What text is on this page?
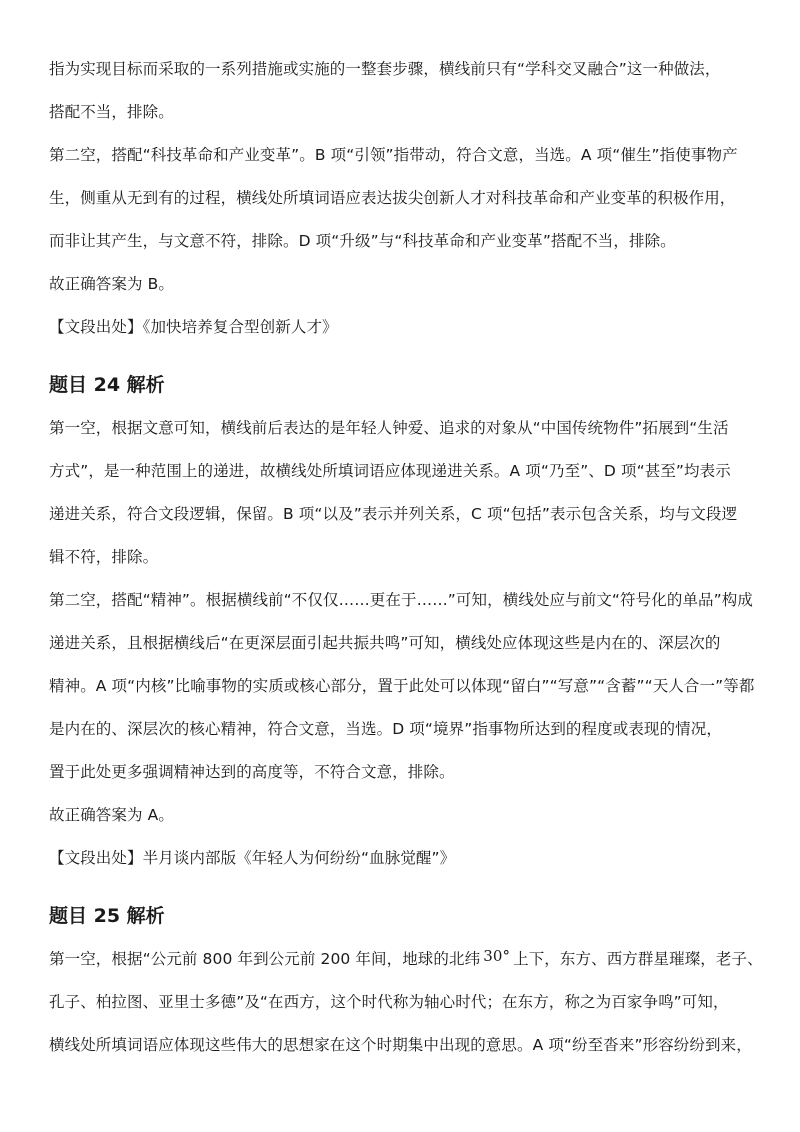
指为实现目标而采取的一系列措施或实施的一整套步骤，横线前只有“学科交叉融合”这一种做法，
搭配不当，排除。
第二空，搭配“科技革命和产业变革”。B 项“引领”指带动，符合文意，当选。A 项“催生”指使事物产
生，侧重从无到有的过程，横线处所填词语应表达拔尖创新人才对科技革命和产业变革的积极作用，
而非让其产生，与文意不符，排除。D 项“升级”与“科技革命和产业变革”搭配不当，排除。
故正确答案为 B。
【文段出处】《加快培养复合型创新人才》
题目 24 解析
第一空，根据文意可知，横线前后表达的是年轻人钟爱、追求的对象从“中国传统物件”拓展到“生活
方式”，是一种范围上的递进，故横线处所填词语应体现递进关系。A 项“乃至”、D 项“甚至”均表示
递进关系，符合文段逻辑，保留。B 项“以及”表示并列关系，C 项“包括”表示包含关系，均与文段逻
辑不符，排除。
第二空，搭配“精神”。根据横线前“不仅仅……更在于……”可知，横线处应与前文“符号化的单品”构成
递进关系，且根据横线后“在更深层面引起共振共鸣”可知，横线处应体现这些是内在的、深层次的
精神。A 项“内核”比喻事物的实质或核心部分，置于此处可以体现“留白”“写意”“含蓄”“天人合一”等都
是内在的、深层次的核心精神，符合文意，当选。D 项“境界”指事物所达到的程度或表现的情况，
置于此处更多强调精神达到的高度等，不符合文意，排除。
故正确答案为 A。
【文段出处】半月谈内部版《年轻人为何纷纷“血脉觉醒”》
题目 25 解析
第一空，根据“公元前 800 年到公元前 200 年间，地球的北纬 30° 上下，东方、西方群星璀璨，老子、
孔子、柏拉图、亚里士多德”及“在西方，这个时代称为轴心时代；在东方，称之为百家争鸣”可知，
横线处所填词语应体现这些伟大的思想家在这个时期集中出现的意思。A 项“纷至沓来”形容纷纷到来，
